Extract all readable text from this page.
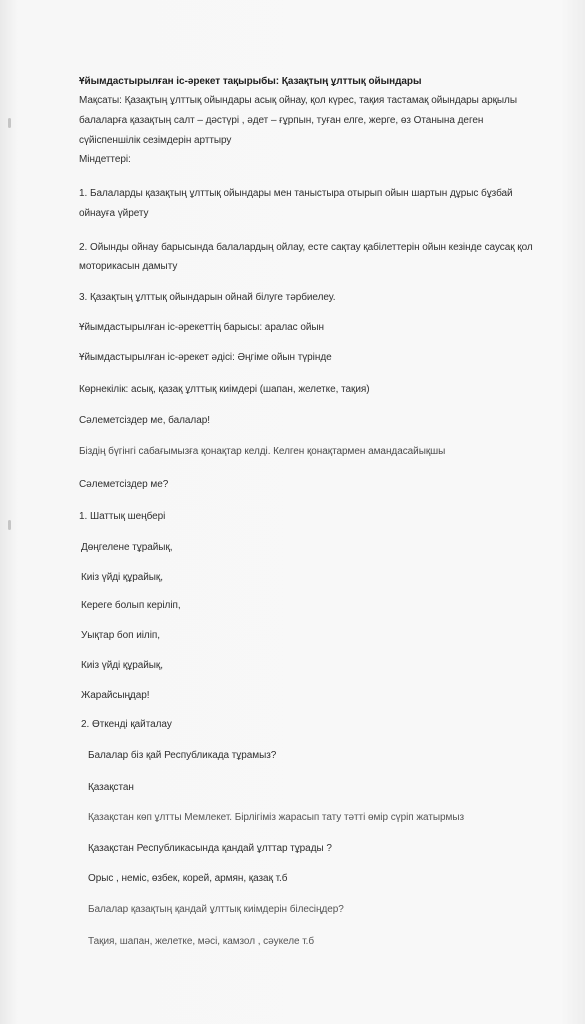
Ұйымдастырылған іс-әрекет тақырыбы: Қазақтың ұлттық ойындары

Мақсаты: Қазақтың ұлттық ойындары асық ойнау, қол күрес, тақия тастамақ ойындары арқылы

балаларға қазақтың салт – дәстүрі , әдет – ғұрпын, туған елге, жерге, өз Отанына деген

сүйіспеншілік сезімдерін арттыру

Міндеттері:

1. Балаларды қазақтың ұлттық ойындары мен таныстыра отырып ойын шартын дұрыс бұзбай

ойнауға үйрету

2. Ойынды ойнау барысында балалардың ойлау, есте сақтау қабілеттерін ойын кезінде саусақ қол

моторикасын дамыту

3. Қазақтың ұлттық ойындарын ойнай білуге тәрбиелеу.

Ұйымдастырылған іс-әрекеттің барысы: аралас ойын

Ұйымдастырылған іс-әрекет әдісі: Әңгіме ойын түрінде

Көрнекілік: асық, қазақ ұлттық киімдері (шапан, желетке, тақия)

Сәлеметсіздер ме, балалар!

Біздің бүгінгі сабағымызға қонақтар келді. Келген қонақтармен амандасайықшы

Сәлеметсіздер ме?

1. Шаттық шеңбері

Дөңгелене тұрайық,

Киіз үйді құрайық,

Кереге болып керіліп,

Уықтар боп иіліп,

Киіз үйді құрайық,

Жарайсыңдар!

2. Өткенді қайталау

Балалар біз қай Республикада тұрамыз?

Қазақстан

Қазақстан көп ұлтты Мемлекет. Бірлігіміз жарасып тату тәтті өмір сүріп жатырмыз

Қазақстан Республикасында қандай ұлттар тұрады ?

Орыс , неміс, өзбек, корей, армян, қазақ т.б

Балалар қазақтың қандай ұлттық киімдерін білесіңдер?

Тақия, шапан, желетке, мәсі, камзол , сәукеле т.б
